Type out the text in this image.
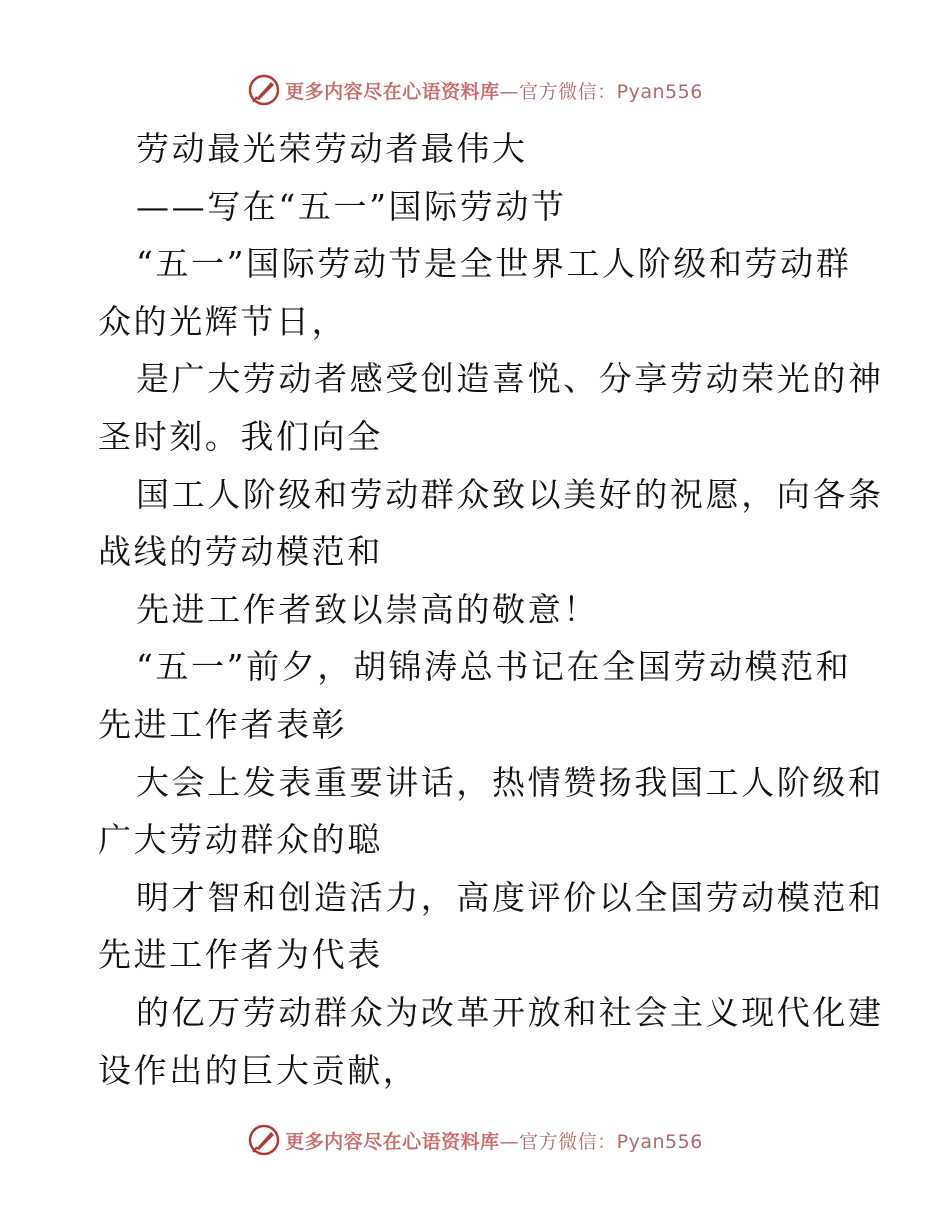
更多内容尽在心语资料库 —官方微信：Pyan556

劳动最光荣劳动者最伟大

——写在“五一”国际劳动节

“五一”国际劳动节是全世界工人阶级和劳动群

众的光辉节日，

是广大劳动者感受创造喜悦、分享劳动荣光的神

圣时刻。我们向全

国工人阶级和劳动群众致以美好的祝愿，向各条

战线的劳动模范和

先进工作者致以崇高的敬意！

“五一”前夕，胡锦涛总书记在全国劳动模范和

先进工作者表彰

大会上发表重要讲话，热情赞扬我国工人阶级和

广大劳动群众的聪

明才智和创造活力，高度评价以全国劳动模范和

先进工作者为代表

的亿万劳动群众为改革开放和社会主义现代化建

设作出的巨大贡献，

更多内容尽在心语资料库 —官方微信：Pyan556
